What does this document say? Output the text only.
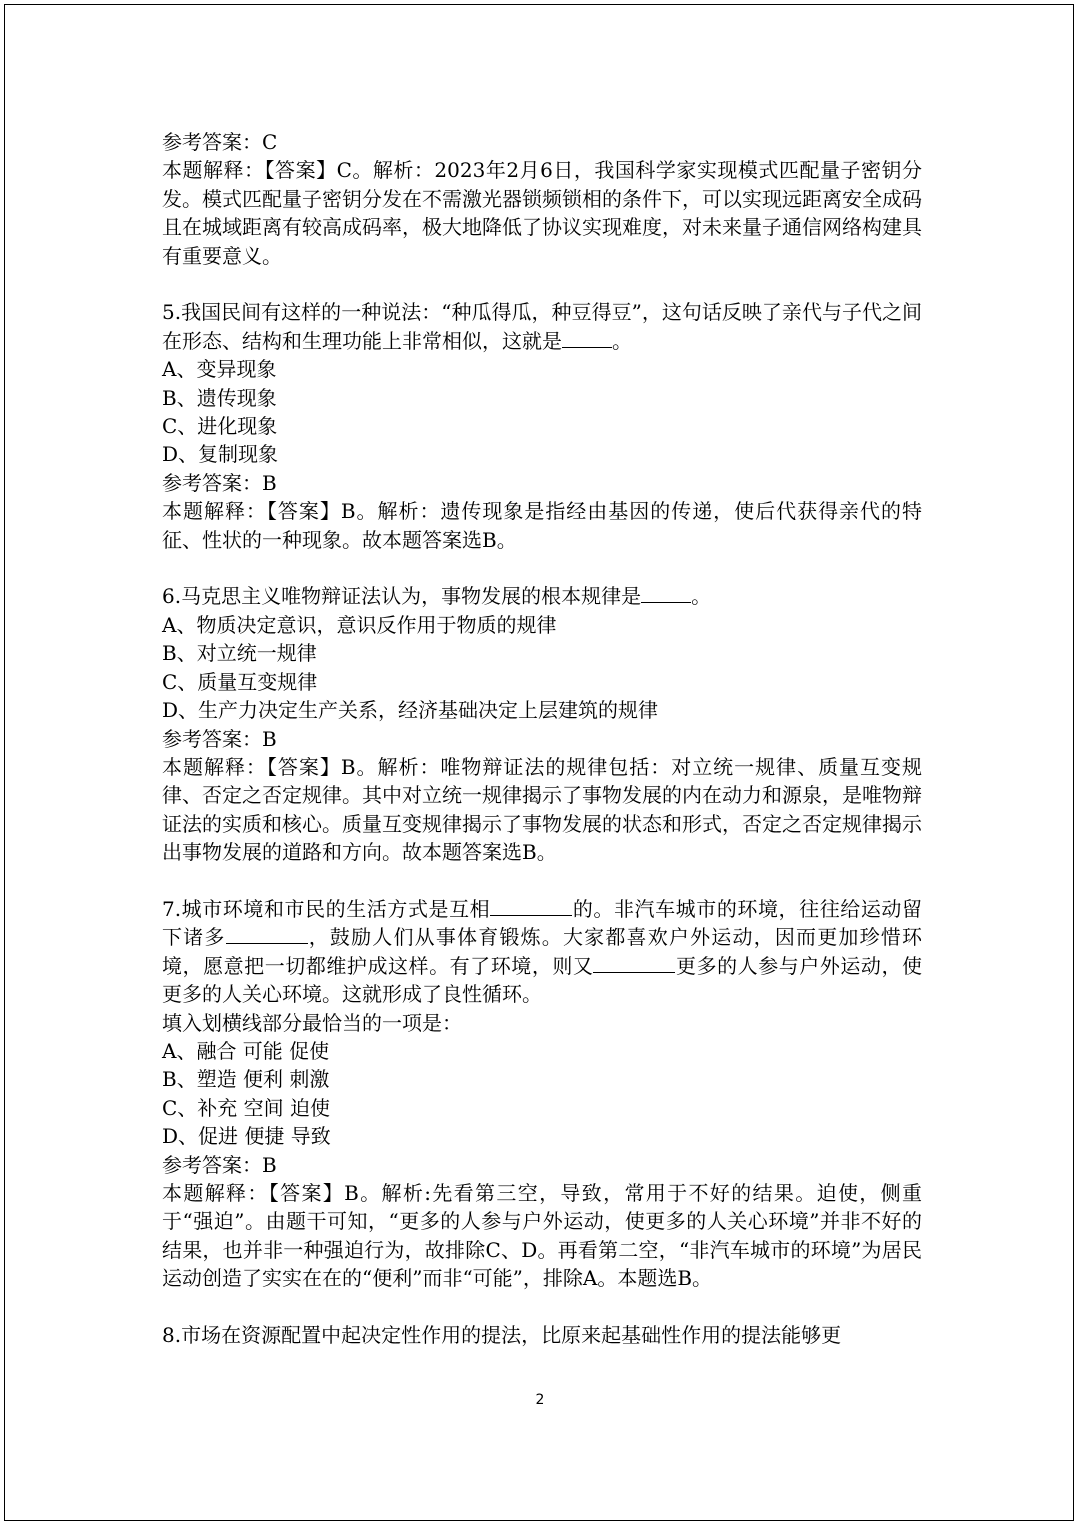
参考答案：C

本题解释：【答案】C。解析：2023年2月6日，我国科学家实现模式匹配量子密钥分发。模式匹配量子密钥分发在不需激光器锁频锁相的条件下，可以实现远距离安全成码且在城域距离有较高成码率，极大地降低了协议实现难度，对未来量子通信网络构建具有重要意义。

5.我国民间有这样的一种说法：“种瓜得瓜，种豆得豆”，这句话反映了亲代与子代之间在形态、结构和生理功能上非常相似，这就是	。

A、变异现象

B、遗传现象

C、进化现象

D、复制现象

参考答案：B

本题解释：【答案】B。解析：遗传现象是指经由基因的传递，使后代获得亲代的特征、性状的一种现象。故本题答案选B。

6.马克思主义唯物辩证法认为，事物发展的根本规律是	。

A、物质决定意识，意识反作用于物质的规律

B、对立统一规律

C、质量互变规律

D、生产力决定生产关系，经济基础决定上层建筑的规律

参考答案：B

本题解释：【答案】B。解析：唯物辩证法的规律包括：对立统一规律、质量互变规律、否定之否定规律。其中对立统一规律揭示了事物发展的内在动力和源泉，是唯物辩证法的实质和核心。质量互变规律揭示了事物发展的状态和形式，否定之否定规律揭示出事物发展的道路和方向。故本题答案选B。

7.城市环境和市民的生活方式是互相	的。非汽车城市的环境，往往给运动留下诸多	，鼓励人们从事体育锻炼。大家都喜欢户外运动，因而更加珍惜环境，愿意把一切都维护成这样。有了环境，则又	更多的人参与户外运动，使更多的人关心环境。这就形成了良性循环。

填入划横线部分最恰当的一项是：

A、融合 可能 促使

B、塑造 便利 刺激

C、补充 空间 迫使

D、促进 便捷 导致

参考答案：B

本题解释：【答案】B。解析:先看第三空，导致，常用于不好的结果。迫使，侧重于“强迫”。由题干可知，“更多的人参与户外运动，使更多的人关心环境”并非不好的结果，也并非一种强迫行为，故排除C、D。再看第二空，“非汽车城市的环境”为居民运动创造了实实在在的“便利”而非“可能”，排除A。本题选B。

8.市场在资源配置中起决定性作用的提法，比原来起基础性作用的提法能够更

2
